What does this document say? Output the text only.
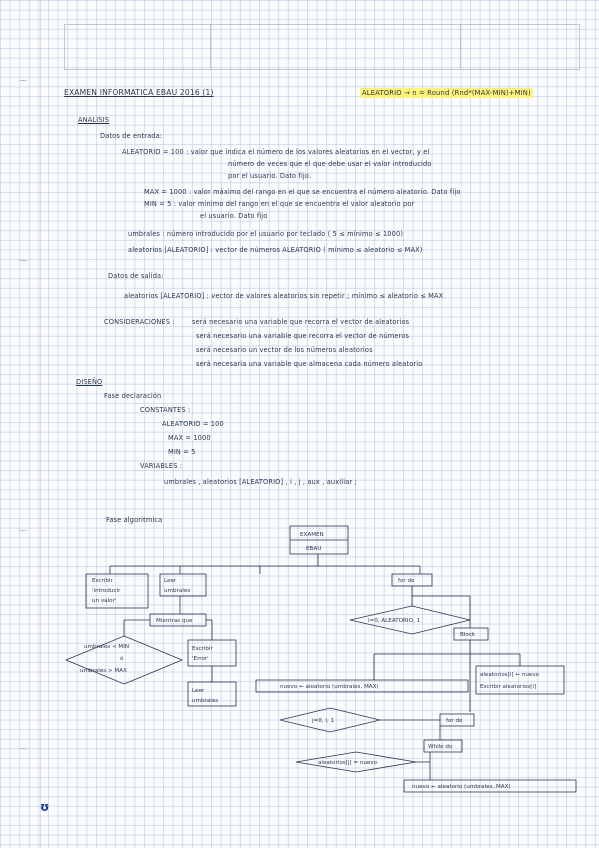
EXAMEN INFORMATICA EBAU 2016 (1)	ALEATORIO → n = Round (Rnd*(MAX-MIN)+MIN)
ANALISIS
Datos de entrada:
ALEATORIO = 100 : valor que indica el número de los valores aleatorios en el vector, y el
número de veces que el que debe usar el valor introducido
por el usuario. Dato fijo.
MAX = 1000 : valor máximo del rango en el que se encuentra el número aleatorio. Dato fijo
MIN = 5 : valor mínimo del rango en el que se encuentra el valor aleatorio por
el usuario. Dato fijo
umbrales : número introducido por el usuario por teclado ( 5 ≤ mínimo ≤ 1000)
aleatorios [ALEATORIO] : vector de números ALEATORIO ( mínimo ≤ aleatorio ≤ MAX)
Datos de salida:
aleatorios [ALEATORIO] : vector de valores aleatorios sin repetir ; mínimo ≤ aleatorio ≤ MAX
CONSIDERACIONES :	será necesario una variable que recorra el vector de aleatorios
será necesario una variable que recorra el vector de números
será necesario un vector de los números aleatorios
será necesaria una variable que almacena cada número aleatorio
DISEÑO
Fase declaración
CONSTANTES :
ALEATORIO = 100
MAX = 1000
MIN = 5
VARIABLES :
umbrales , aleatorios [ALEATORIO] , i , j , aux , auxiliar ;
Fase algoritmica
EXAMEN
EBAU
Escribir
'introducir
un valor'
Leer
umbrales
Mientras que
umbrales < MIN
ó
umbrales > MAX
Escribir
'Error'
Leer
umbrales
for do
i=0, ALEATORIO, 1
Block
nuevo ← aleatorio (umbrales, MAX)
aleatorios[i] ← nuevo
Escribir aleatorios[i]
j=0, i, 1	for do
While do
aleatorios[j] = nuevo
nuevo ← aleatorio (umbrales, MAX)
ʊ
